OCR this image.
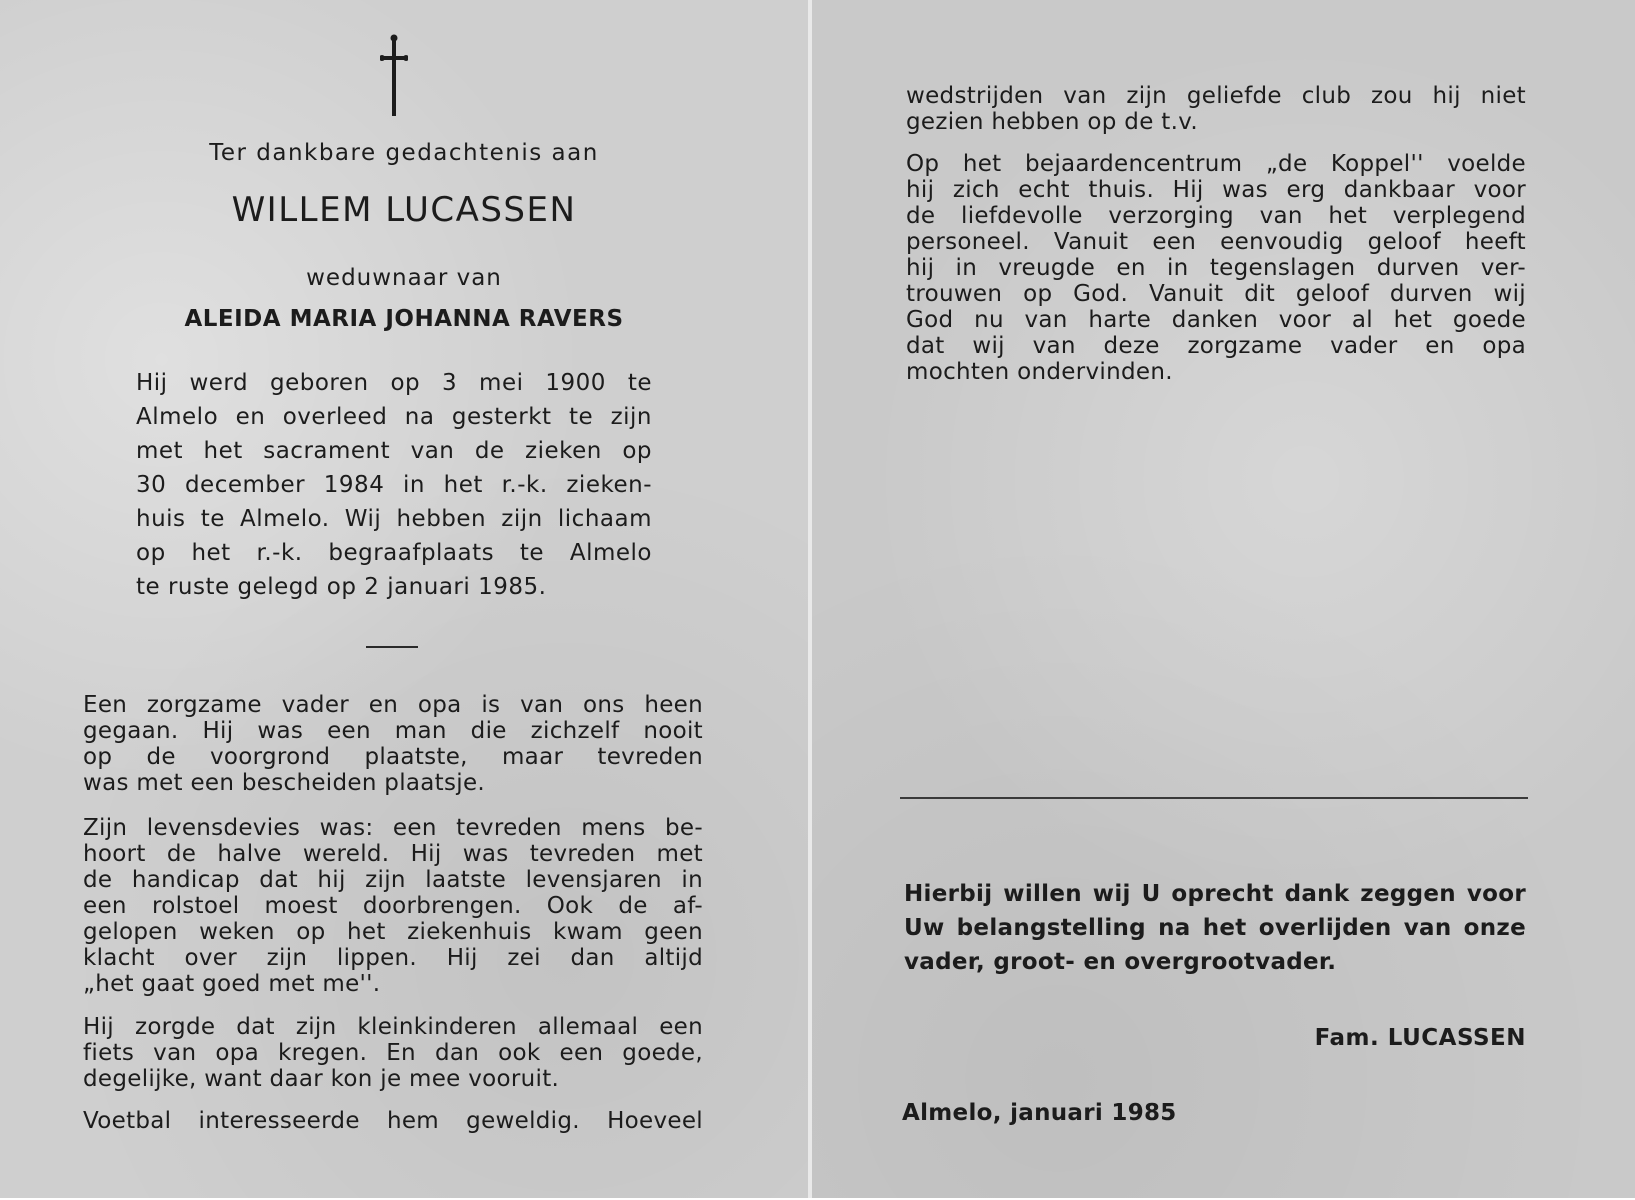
Ter dankbare gedachtenis aan
WILLEM LUCASSEN
weduwnaar van
ALEIDA MARIA JOHANNA RAVERS
Hij werd geboren op 3 mei 1900 te
Almelo en overleed na gesterkt te zijn
met het sacrament van de zieken op
30 december 1984 in het r.-k. zieken-
huis te Almelo. Wij hebben zijn lichaam
op het r.-k. begraafplaats te Almelo
te ruste gelegd op 2 januari 1985.
Een zorgzame vader en opa is van ons heen
gegaan. Hij was een man die zichzelf nooit
op de voorgrond plaatste, maar tevreden
was met een bescheiden plaatsje.
Zijn levensdevies was: een tevreden mens be-
hoort de halve wereld. Hij was tevreden met
de handicap dat hij zijn laatste levensjaren in
een rolstoel moest doorbrengen. Ook de af-
gelopen weken op het ziekenhuis kwam geen
klacht over zijn lippen. Hij zei dan altijd
„het gaat goed met me''.
Hij zorgde dat zijn kleinkinderen allemaal een
fiets van opa kregen. En dan ook een goede,
degelijke, want daar kon je mee vooruit.
Voetbal interesseerde hem geweldig. Hoeveel
wedstrijden van zijn geliefde club zou hij niet
gezien hebben op de t.v.
Op het bejaardencentrum „de Koppel'' voelde
hij zich echt thuis. Hij was erg dankbaar voor
de liefdevolle verzorging van het verplegend
personeel. Vanuit een eenvoudig geloof heeft
hij in vreugde en in tegenslagen durven ver-
trouwen op God. Vanuit dit geloof durven wij
God nu van harte danken voor al het goede
dat wij van deze zorgzame vader en opa
mochten ondervinden.
Hierbij willen wij U oprecht dank zeggen voor
Uw belangstelling na het overlijden van onze
vader, groot- en overgrootvader.
Fam. LUCASSEN
Almelo, januari 1985
